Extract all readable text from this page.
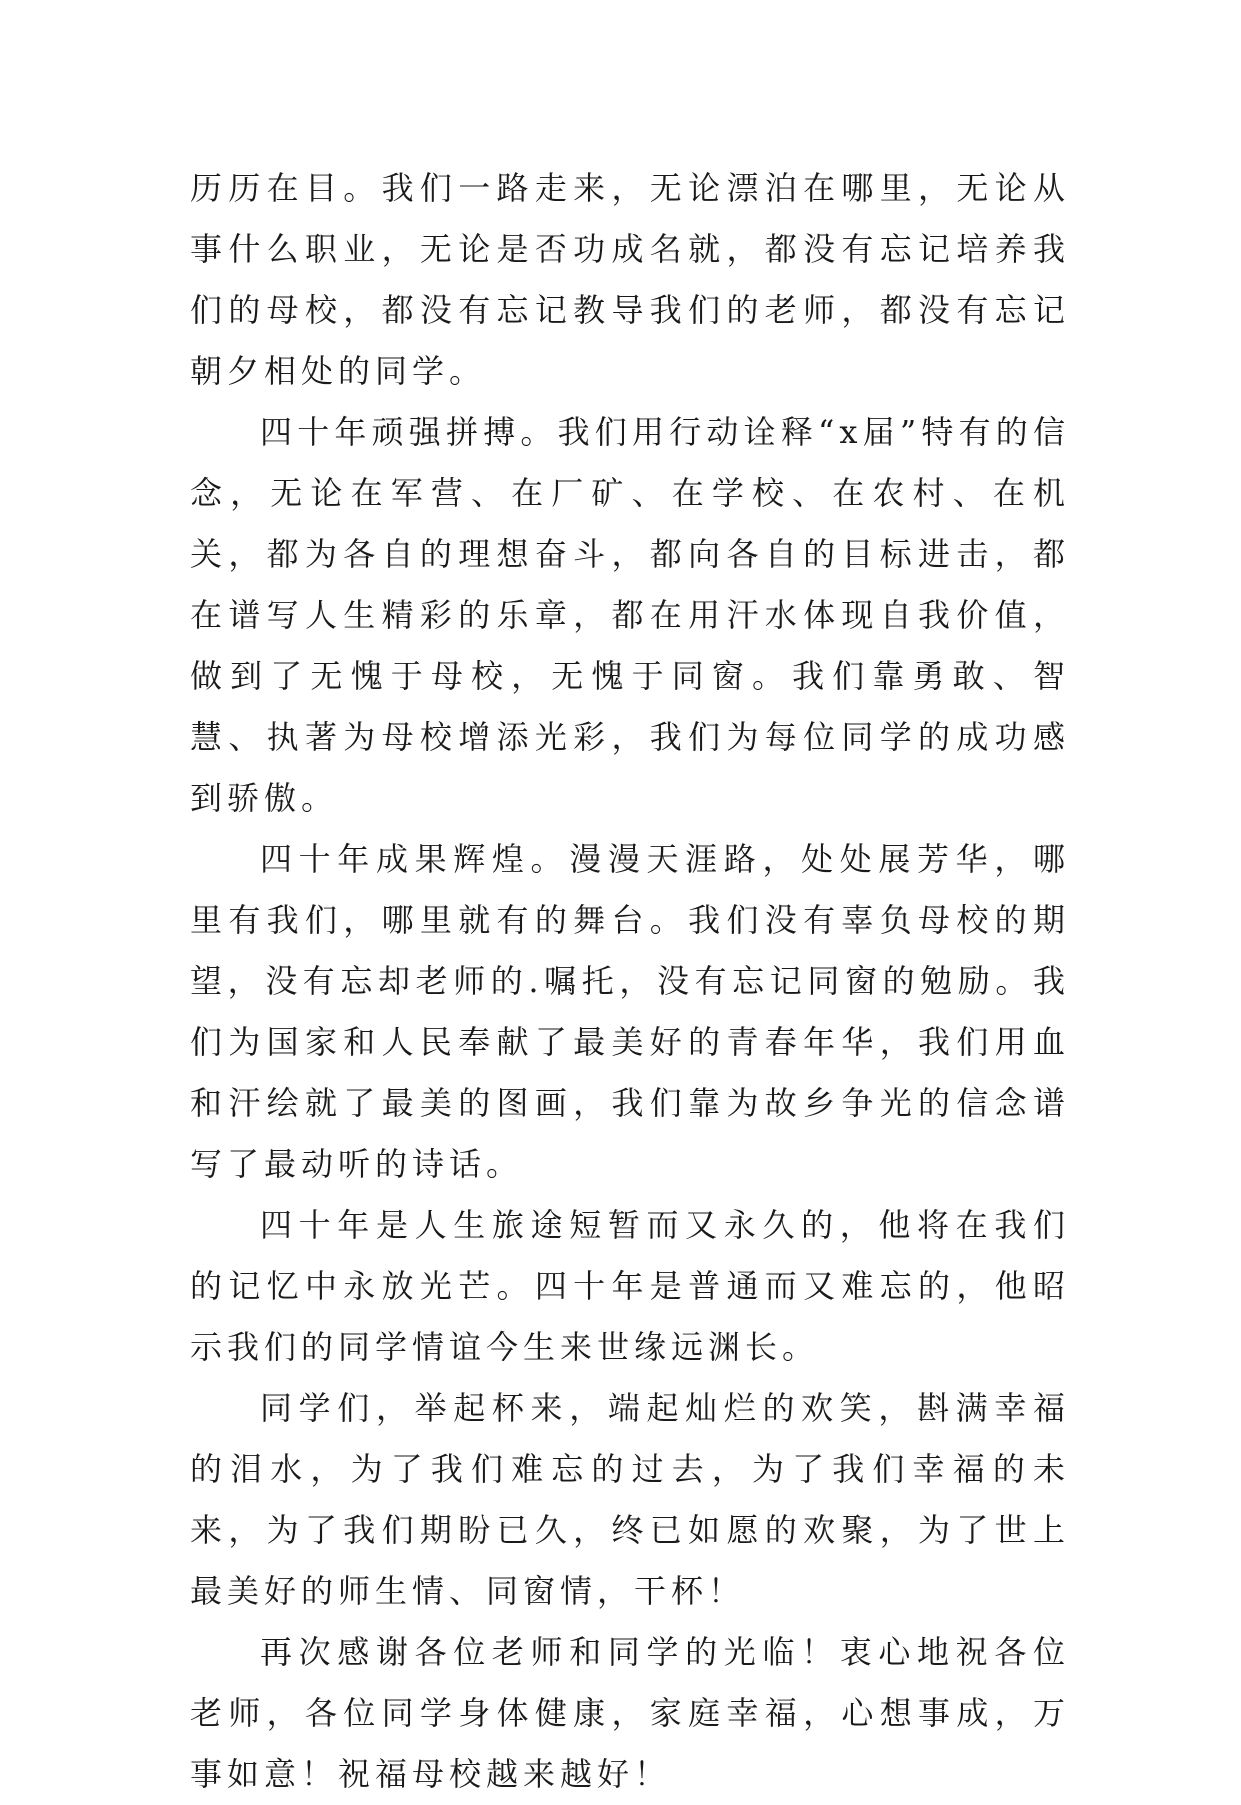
历历在目。我们一路走来，无论漂泊在哪里，无论从事什么职业，无论是否功成名就，都没有忘记培养我们的母校，都没有忘记教导我们的老师，都没有忘记朝夕相处的同学。

四十年顽强拼搏。我们用行动诠释“x届”特有的信念，无论在军营、在厂矿、在学校、在农村、在机关，都为各自的理想奋斗，都向各自的目标进击，都在谱写人生精彩的乐章，都在用汗水体现自我价值，做到了无愧于母校，无愧于同窗。我们靠勇敢、智慧、执著为母校增添光彩，我们为每位同学的成功感到骄傲。

四十年成果辉煌。漫漫天涯路，处处展芳华，哪里有我们，哪里就有的舞台。我们没有辜负母校的期望，没有忘却老师的.嘱托，没有忘记同窗的勉励。我们为国家和人民奉献了最美好的青春年华，我们用血和汗绘就了最美的图画，我们靠为故乡争光的信念谱写了最动听的诗话。

四十年是人生旅途短暂而又永久的，他将在我们的记忆中永放光芒。四十年是普通而又难忘的，他昭示我们的同学情谊今生来世缘远渊长。

同学们，举起杯来，端起灿烂的欢笑，斟满幸福的泪水，为了我们难忘的过去，为了我们幸福的未来，为了我们期盼已久，终已如愿的欢聚，为了世上最美好的师生情、同窗情，干杯！

再次感谢各位老师和同学的光临！衷心地祝各位老师，各位同学身体健康，家庭幸福，心想事成，万事如意！祝福母校越来越好！
